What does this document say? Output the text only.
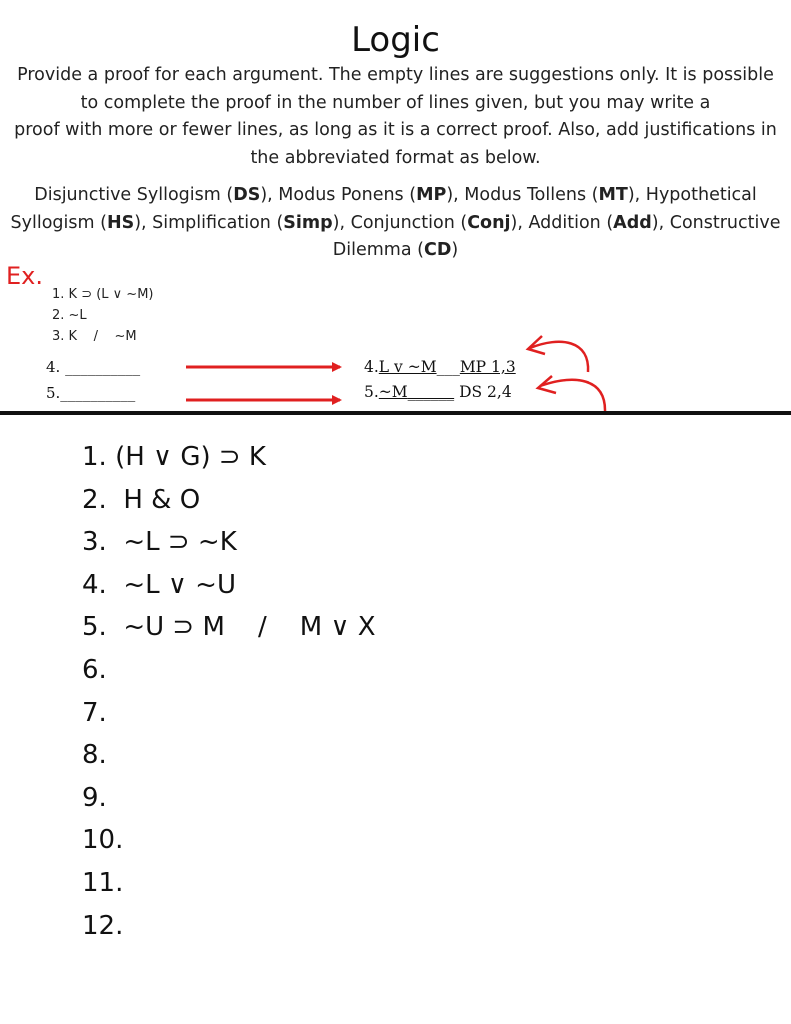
Logic

Provide a proof for each argument. The empty lines are suggestions only. It is possible

to complete the proof in the number of lines given, but you may write a

proof with more or fewer lines, as long as it is a correct proof. Also, add justifications in

the abbreviated format as below.

Disjunctive Syllogism (DS), Modus Ponens (MP), Modus Tollens (MT), Hypothetical Syllogism (HS), Simplification (Simp), Conjunction (Conj), Addition (Add), Constructive Dilemma (CD)
Ex.
1. K ⊃ (L ∨ ~M)
2. ~L
3. K    /    ~M
4. __________
5.__________
4.L v ~M___MP 1,3
5.~M______ DS 2,4
1. (H ∨ G) ⊃ K
2.  H & O
3.  ~L ⊃ ~K
4.  ~L ∨ ~U
5.  ~U ⊃ M    /    M ∨ X
6.
7.
8.
9.
10.
11.
12.
